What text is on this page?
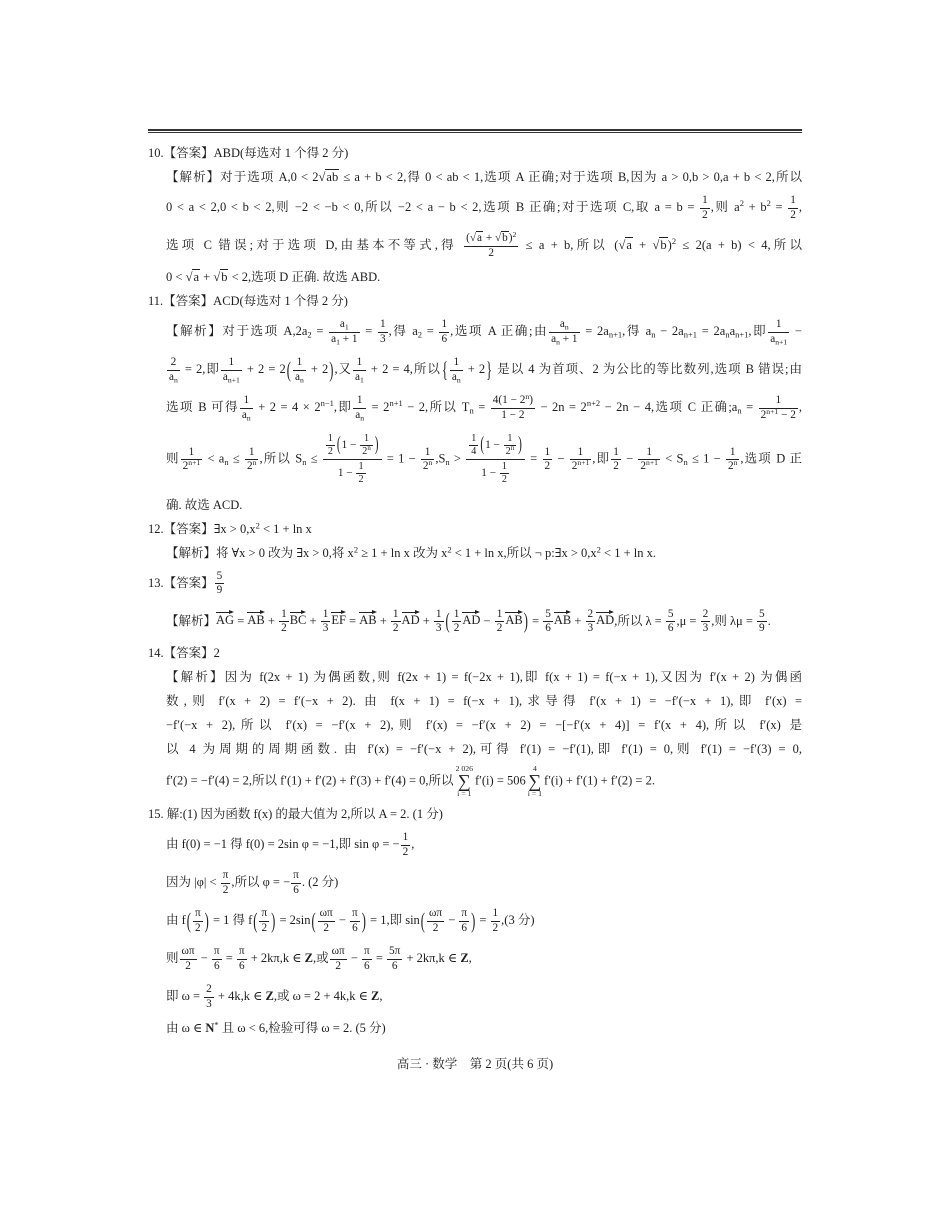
10.【答案】ABD(每选对 1 个得 2 分)
【解析】对于选项 A,0 < 2 √ ab ≤ a + b < 2,得 0 < ab < 1,选项 A 正确;对于选项 B,因为 a > 0,b > 0,a + b < 2,所以
0 < a < 2,0 < b < 2,则 −2 < −b < 0,所以 −2 < a − b < 2,选项 B 正确;对于选项 C,取 $a = b = \frac{1}{2}$ ,则 $a^2 + b^2 = \frac{1}{2}$ ,
选项 C 错误;对于选项 D,由基本不等式,得 $\frac{( √ a + √ b)^2}{2} \le a + b$,所以 ( √ a + √ b)$^2$ ≤ 2(a + b) < 4,所以
0 < √ a + √ b < 2,选项 D 正确. 故选 ABD.
11.【答案】ACD(每选对 1 个得 2 分)
【解析】对于选项 $A,2a_2 = \frac{a_1}{a_1 + 1} = \frac{1}{3}$ ,得 $a_2 = \frac{1}{6}$ ,选项 A 正确;由 $\frac{a_n}{a_n + 1} = 2a_{n+1}$,得 $a_n - 2a_{n+1} = 2a_na_{n+1}$,即 $\frac{1}{a_{n+1}}$ −
$\frac{2}{a_n} = 2$,即 $\frac{1}{a_{n+1}} + 2 = 2( \frac{1}{a_n} + 2)$,又 $\frac{1}{a_1} + 2 = 4$,所以{ $\frac{1}{a_n} + 2$} 是以 4 为首项、2 为公比的等比数列,选项 B 错误;由
选项 B 可得 $\frac{1}{a_n} + 2 = 4 \times 2^{n-1}$,即 $\frac{1}{a_n} = 2^{n+1} - 2$,所以 $T_n = \frac{4(1 - 2^n)}{1 - 2} - 2n = 2^{n+2} - 2n - 4$,选项 C 正确$;a_n = \frac{1}{2^{n+1} - 2}$ ,
则 $\frac{1}{2^{n+1}} < a_n \le \frac{1}{2^n}$ ,所以 $S_n \le \frac{\frac{1}{2} (1 - \frac{1}{2^n} )}{1 - \frac{1}{2}} = 1 - \frac{1}{2^n} ,S_n > \frac{\frac{1}{4} (1 - \frac{1}{2^n} )}{1 - \frac{1}{2}} = \frac{1}{2} - \frac{1}{2^{n+1}}$ ,即 $\frac{1}{2} - \frac{1}{2^{n+1}} < S_n \le 1 - \frac{1}{2^n}$ ,选项 D 正
确. 故选 ACD.
12.【答案】∃x > $0,x^2 < 1 + \ln x$
【解析】将 ∀x > 0 改为 ∃x > 0,将 $x^2 \ge 1 + \ln x$ 改为 $x^2 < 1 + \ln x$,所以 ¬ p:∃x > $0,x^2 < 1 + \ln x$.
13.【答案】 $\frac{5}{9}$
【解析】AG = AB + $\frac{1}{2}$ BC + $\frac{1}{3}$ EF = AB + $\frac{1}{2}$ AD + $\frac{1}{3}$ ( $\frac{1}{2}$ AD − $\frac{1}{2} AB) = \frac{5}{6}$ AB + $\frac{2}{3}$ AD,所以 $\lambda = \frac{5}{6} ,\mu = \frac{2}{3}$ ,则 $\lambda\mu = \frac{5}{9}$ .
14.【答案】2
【解析】因为 f(2x + 1) 为偶函数,则 f(2x + 1) = f(−2x + 1),即 f(x + 1) = f(−x + 1),又因为 f′(x + 2) 为偶函
数,则 f′(x + 2) = f′(−x + 2). 由 f(x + 1) = f(−x + 1),求导得 f′(x + 1) = −f′(−x + 1),即 f′(x) =
−f′(−x + 2),所以 f′(x) = −f′(x + 2),则 f′(x) = −f′(x + 2) = −[−f′(x + 4)] = f′(x + 4),所以 f′(x) 是
以 4 为周期的周期函数. 由 f′(x) = −f′(−x + 2),可得 f′(1) = −f′(1),即 f′(1) = 0,则 f′(1) = −f′(3) = 0,
f′(2) = −f′(4) = 2,所以 f′(1) + f′(2) + f′(3) + f′(4) = 0,所以
2 026
∑
i = 1
f′(i) = 506
4
∑
i = 1
f′(i) + f′(1) + f′(2) = 2.
15. 解:(1) 因为函数 f(x) 的最大值为 2,所以 A = 2. (1 分)
由 f(0) = −1 得 f(0) = 2sin φ = −1,即 sin φ = − $\frac{1}{2}$ ,
因为 $|\varphi| < \frac{\pi}{2}$ ,所以 φ = − $\frac{\pi}{6}$ . (2 分)
由 $f( \frac{\pi}{2}$ ) = 1 得 $f( \frac{\pi}{2}$ ) = $2\sin( \frac{\omega\pi}{2} - \frac{\pi}{6}$ ) = 1,即 $\sin( \frac{\omega\pi}{2} - \frac{\pi}{6}$ ) = $\frac{1}{2} ,(3$ 分)
则 $\frac{\omega\pi}{2} - \frac{\pi}{6} = \frac{\pi}{6} + 2k\pi,k$ ∈ Z,或 $\frac{\omega\pi}{2} - \frac{\pi}{6} = \frac{5\pi}{6} + 2k\pi,k$ ∈ Z,
即 $\omega = \frac{2}{3} + 4k,k$ ∈ Z,或 ω = 2 + 4k,k ∈ Z,
由 ω ∈ N* 且 ω < 6,检验可得 ω = 2. (5 分)
高三 · 数学　第 2 页(共 6 页)
